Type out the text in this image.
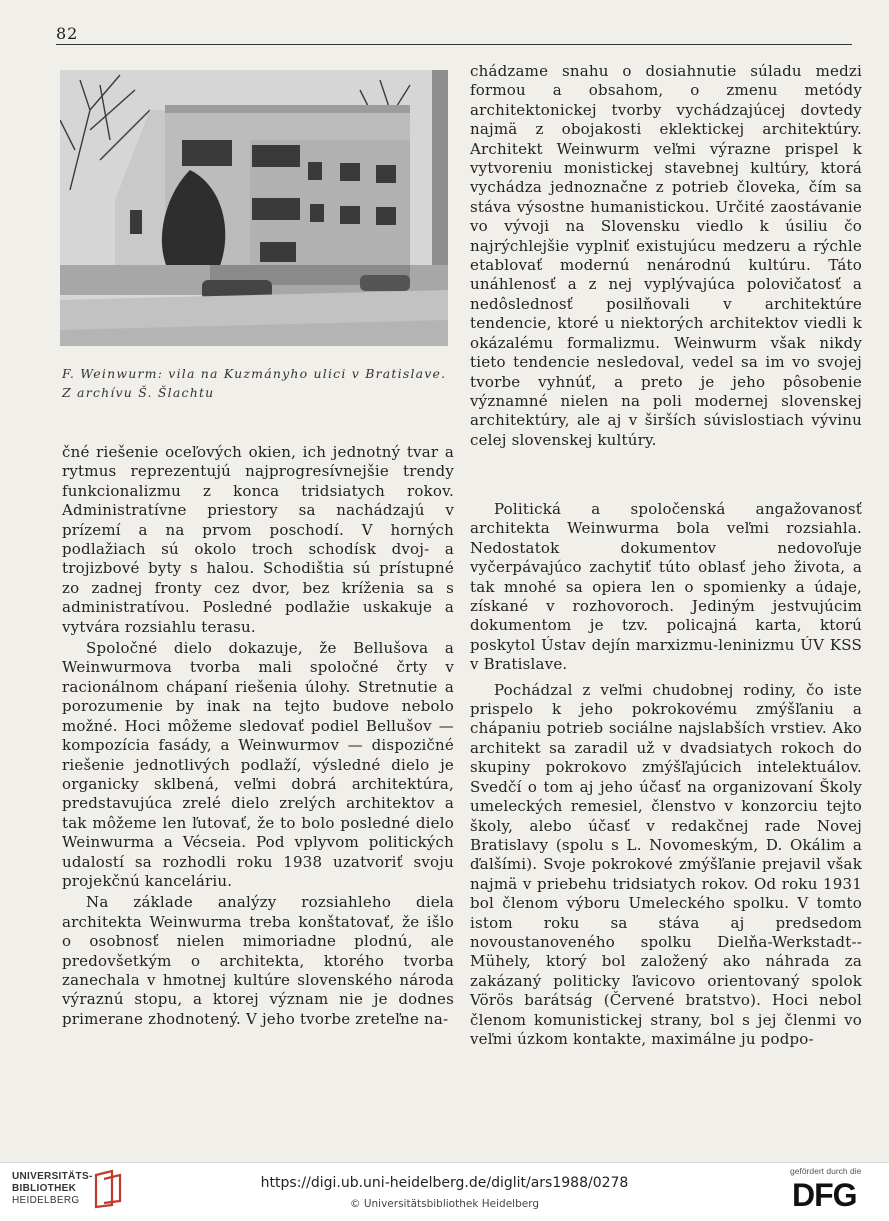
82
F. Weinwurm: vila na Kuzmányho ulici v Bratislave.
Z archívu Š. Šlachtu

čné riešenie oceľových okien, ich jednotný tvar a rytmus reprezentujú najprogresívnejšie trendy funkcionalizmu z konca tridsiatych rokov. Administratívne priestory sa nachádzajú v prízemí a na prvom poschodí. V horných podlažiach sú okolo troch schodísk dvoj- a trojizbové byty s halou. Schodištia sú prístupné zo zadnej fronty cez dvor, bez kríženia sa s administratívou. Posledné podlažie uskakuje a vytvára rozsiahlu terasu.

Spoločné dielo dokazuje, že Bellušova a Weinwurmova tvorba mali spoločné črty v racionálnom chápaní riešenia úlohy. Stretnutie a porozumenie by inak na tejto budove nebolo možné. Hoci môžeme sledovať podiel Bellušov — kompozícia fasády, a Weinwurmov — dispozičné riešenie jednotlivých podlaží, výsledné dielo je organicky sklbená, veľmi dobrá architektúra, predstavujúca zrelé dielo zrelých architektov a tak môžeme len ľutovať, že to bolo posledné dielo Weinwurma a Vécseia. Pod vplyvom politických udalostí sa rozhodli roku 1938 uzatvoriť svoju projekčnú kanceláriu.

Na základe analýzy rozsiahleho diela architekta Weinwurma treba konštatovať, že išlo o osobnosť nielen mimoriadne plodnú, ale predovšetkým o architekta, ktorého tvorba zanechala v hmotnej kultúre slovenského národa výraznú stopu, a ktorej význam nie je dodnes primerane zhodnotený. V jeho tvorbe zreteľne na-

chádzame snahu o dosiahnutie súladu medzi formou a obsahom, o zmenu metódy architektonickej tvorby vychádzajúcej dovtedy najmä z obojakosti eklektickej architektúry. Architekt Weinwurm veľmi výrazne prispel k vytvoreniu monistickej stavebnej kultúry, ktorá vychádza jednoznačne z potrieb človeka, čím sa stáva výsostne humanistickou. Určité zaostávanie vo vývoji na Slovensku viedlo k úsiliu čo najrýchlejšie vyplniť existujúcu medzeru a rýchle etablovať modernú nenárodnú kultúru. Táto unáhlenosť a z nej vyplývajúca polovičatosť a nedôslednosť posilňovali v architektúre tendencie, ktoré u niektorých architektov viedli k okázalému formalizmu. Weinwurm však nikdy tieto tendencie nesledoval, vedel sa im vo svojej tvorbe vyhnúť, a preto je jeho pôsobenie významné nielen na poli modernej slovenskej architektúry, ale aj v širších súvislostiach vývinu celej slovenskej kultúry.

Politická a spoločenská angažovanosť architekta Weinwurma bola veľmi rozsiahla. Nedostatok dokumentov nedovoľuje vyčerpávajúco zachytiť túto oblasť jeho života, a tak mnohé sa opiera len o spomienky a údaje, získané v rozhovoroch. Jediným jestvujúcim dokumentom je tzv. policajná karta, ktorú poskytol Ústav dejín marxizmu-leninizmu ÚV KSS v Bratislave.

Pochádzal z veľmi chudobnej rodiny, čo iste prispelo k jeho pokrokovému zmýšľaniu a chápaniu potrieb sociálne najslabších vrstiev. Ako architekt sa zaradil už v dvadsiatych rokoch do skupiny pokrokovo zmýšľajúcich intelektuálov. Svedčí o tom aj jeho účasť na organizovaní Školy umeleckých remesiel, členstvo v konzorciu tejto školy, alebo účasť v redakčnej rade Novej Bratislavy (spolu s L. Novomeským, D. Okálim a ďalšími). Svoje pokrokové zmýšľanie prejavil však najmä v priebehu tridsiatych rokov. Od roku 1931 bol členom výboru Umeleckého spolku. V tomto istom roku sa stáva aj predsedom novoustanoveného spolku Dielňa-Werkstadt--Mühely, ktorý bol založený ako náhrada za zakázaný politicky ľavicovo orientovaný spolok Vörös barátság (Červené bratstvo). Hoci nebol členom komunistickej strany, bol s jej členmi vo veľmi úzkom kontakte, maximálne ju podpo-

UNIVERSITÄTS-
BIBLIOTHEK
HEIDELBERG
https://digi.ub.uni-heidelberg.de/diglit/ars1988/0278
© Universitätsbibliothek Heidelberg
gefördert durch die
DFG
